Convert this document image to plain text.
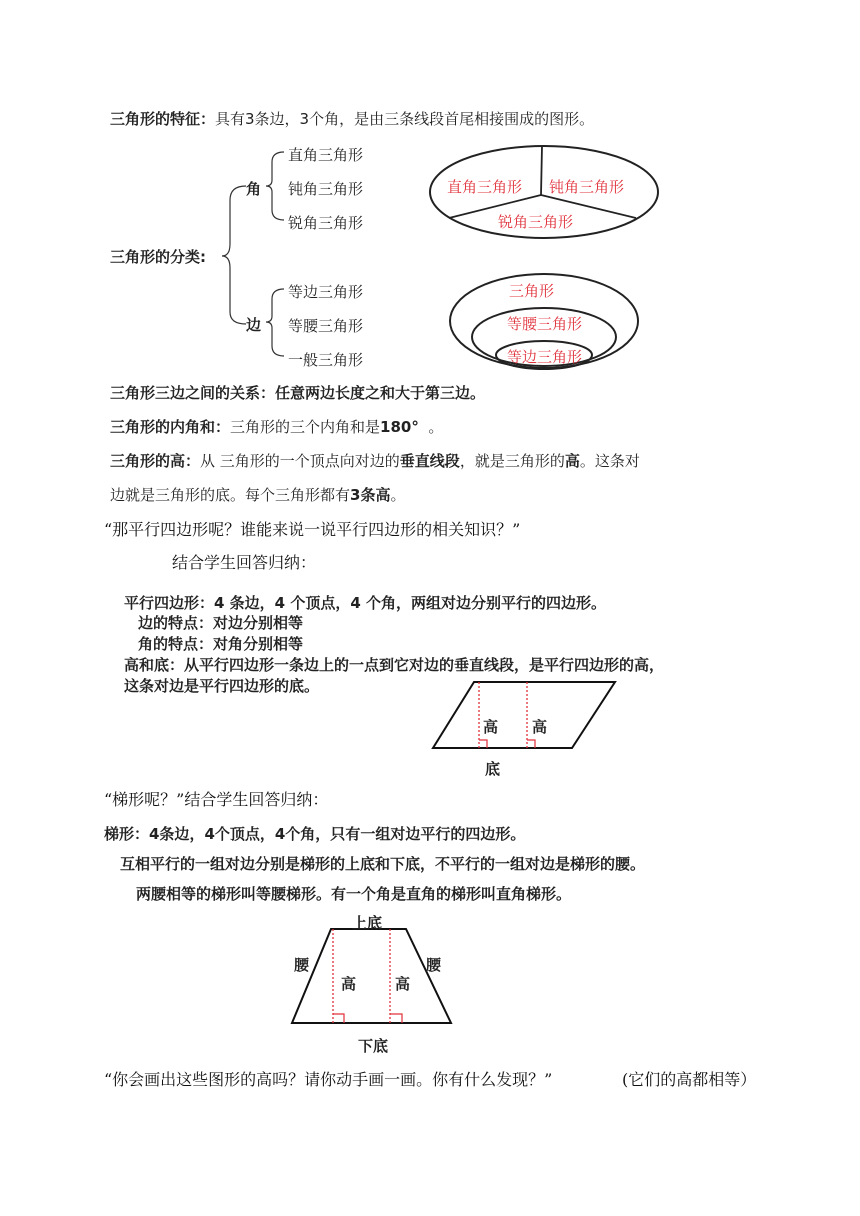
三角形的特征：具有3条边，3个角，是由三条线段首尾相接围成的图形。
三角形的分类:
角
边
直角三角形
钝角三角形
锐角三角形
等边三角形
等腰三角形
一般三角形
直角三角形 钝角三角形
锐角三角形
三角形
等腰三角形
等边三角形
三角形三边之间的关系：任意两边长度之和大于第三边。
三角形的内角和：三角形的三个内角和是180° 。
三角形的高：从 三角形的一个顶点向对边的垂直线段，就是三角形的高。这条对
边就是三角形的底。每个三角形都有3条高。
“那平行四边形呢？谁能来说一说平行四边形的相关知识？”
结合学生回答归纳：
平行四边形：4 条边，4 个顶点，4 个角，两组对边分别平行的四边形。
边的特点：对边分别相等
角的特点：对角分别相等
高和底：从平行四边形一条边上的一点到它对边的垂直线段，是平行四边形的高，
这条对边是平行四边形的底。
高 高
底
“梯形呢？”结合学生回答归纳：
梯形：4条边，4个顶点，4个角，只有一组对边平行的四边形。
互相平行的一组对边分别是梯形的上底和下底，不平行的一组对边是梯形的腰。
两腰相等的梯形叫等腰梯形。有一个角是直角的梯形叫直角梯形。
上底
腰	腰
高	高
下底
“你会画出这些图形的高吗？请你动手画一画。你有什么发现？”	(它们的高都相等）
